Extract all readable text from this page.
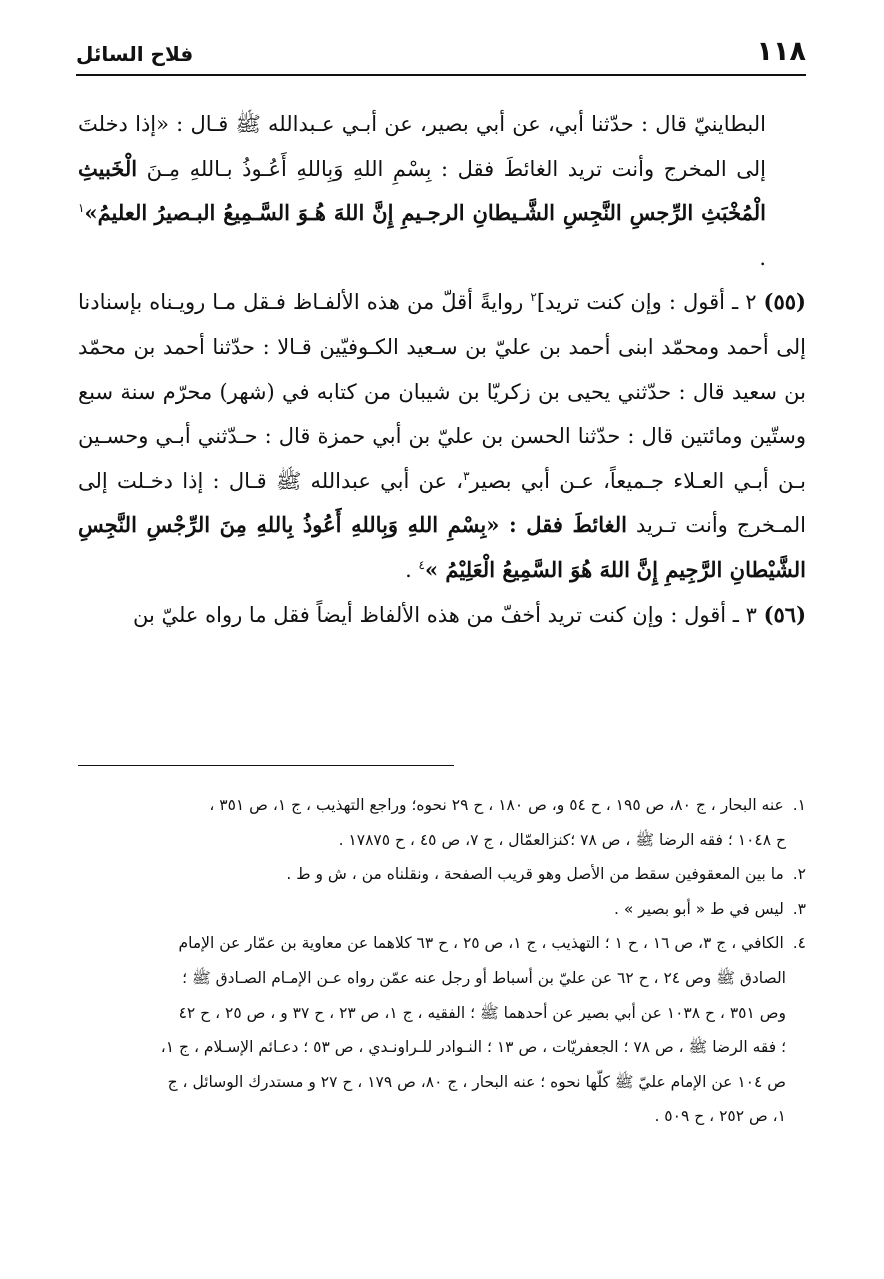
١١٨
فلاح السائل

البطاينيّ قال : حدّثنا أبي، عن أبي بصير، عن أبـي عـبدالله ﷺ قـال : «إذا دخلتَ إلى المخرج وأنت تريد الغائطَ فقل : بِسْمِ اللهِ وَبِاللهِ أَعُـوذُ بـاللهِ مِـنَ الْخَبيثِ الْمُخْبَثِ الرِّجسِ النَّجِسِ الشَّـيطانِ الرجـيمِ إِنَّ اللهَ هُـوَ السَّـمِيعُ البـصيرُ العليمُ»$^١$ .

(٥٥) ٢ ـ أقول : وإن كنت تريد]$^٢$ روايةً أقلّ من هذه الألفـاظ فـقل مـا رويـناه بإسنادنا إلى أحمد ومحمّد ابنى أحمد بن عليّ بن سـعيد الكـوفيّين قـالا : حدّثنا أحمد بن محمّد بن سعيد قال : حدّثني يحيى بن زكريّا بن شيبان من كتابه في (شهر) محرّم سنة سبع وستّين ومائتين قال : حدّثنا الحسن بن عليّ بن أبي حمزة قال : حـدّثني أبـي وحسـين بـن أبـي العـلاء جـميعاً، عـن أبي بصير$^٣$، عن أبي عبدالله ﷺ قـال : إذا دخـلت إلى المـخرج وأنت تـريد الغائطَ فقل : «بِسْمِ اللهِ وَبِاللهِ أَعُوذُ بِاللهِ مِنَ الرِّجْسِ النَّجِسِ الشَّيْطانِ الرَّجِيمِ إِنَّ اللهَ هُوَ السَّمِيعُ الْعَلِيْمُ »$^٤$ .

(٥٦) ٣ ـ أقول : وإن كنت تريد أخفّ من هذه الألفاظ أيضاً فقل ما رواه عليّ بن

١. عنه البحار ، ج ٨٠، ص ١٩٥ ، ح ٥٤ و، ص ١٨٠ ، ح ٢٩ نحوه؛ وراجع التهذيب ، ج ١، ص ٣٥١ ،

ح ١٠٤٨ ؛ فقه الرضا ﷺ ، ص ٧٨ ؛كنزالعمّال ، ج ٧، ص ٤٥ ، ح ١٧٨٧٥ .

٢. ما بين المعقوفين سقط من الأصل وهو قريب الصفحة ، ونقلناه من ، ش و ط .

٣. ليس في ط « أبو بصير » .

٤. الكافي ، ج ٣، ص ١٦ ، ح ١ ؛ التهذيب ، ج ١، ص ٢٥ ، ح ٦٣ كلاهما عن معاوية بن عمّار عن الإمام

الصادق ﷺ وص ٢٤ ، ح ٦٢ عن عليّ بن أسباط أو رجل عنه عمّن رواه عـن الإمـام الصـادق ﷺ ؛

وص ٣٥١ ، ح ١٠٣٨ عن أبي بصير عن أحدهما ﷺ ؛ الفقيه ، ج ١، ص ٢٣ ، ح ٣٧ و ، ص ٢٥ ، ح ٤٢

؛ فقه الرضا ﷺ ، ص ٧٨ ؛ الجعفريّات ، ص ١٣ ؛ النـوادر للـراونـدي ، ص ٥٣ ؛ دعـائم الإسـلام ، ج ١،

ص ١٠٤ عن الإمام عليّ ﷺ كلّها نحوه ؛ عنه البحار ، ج ٨٠، ص ١٧٩ ، ح ٢٧ و مستدرك الوسائل ، ج

١، ص ٢٥٢ ، ح ٥٠٩ .
